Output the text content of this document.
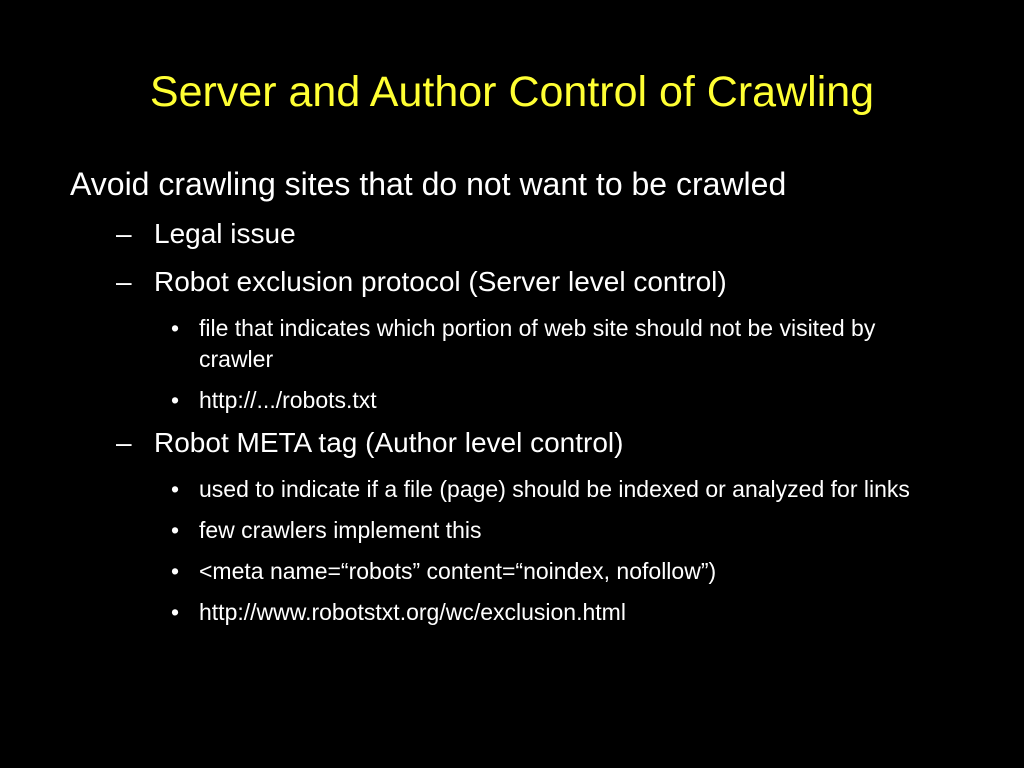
Server and Author Control of Crawling
Avoid crawling sites that do not want to be crawled
– Legal issue
– Robot exclusion protocol (Server level control)
• file that indicates which portion of web site should not be visited by crawler
• http://.../robots.txt
– Robot META tag (Author level control)
• used to indicate if a file (page) should be indexed or analyzed for links
• few crawlers implement this
• <meta name=“robots” content=“noindex, nofollow”)
• http://www.robotstxt.org/wc/exclusion.html
